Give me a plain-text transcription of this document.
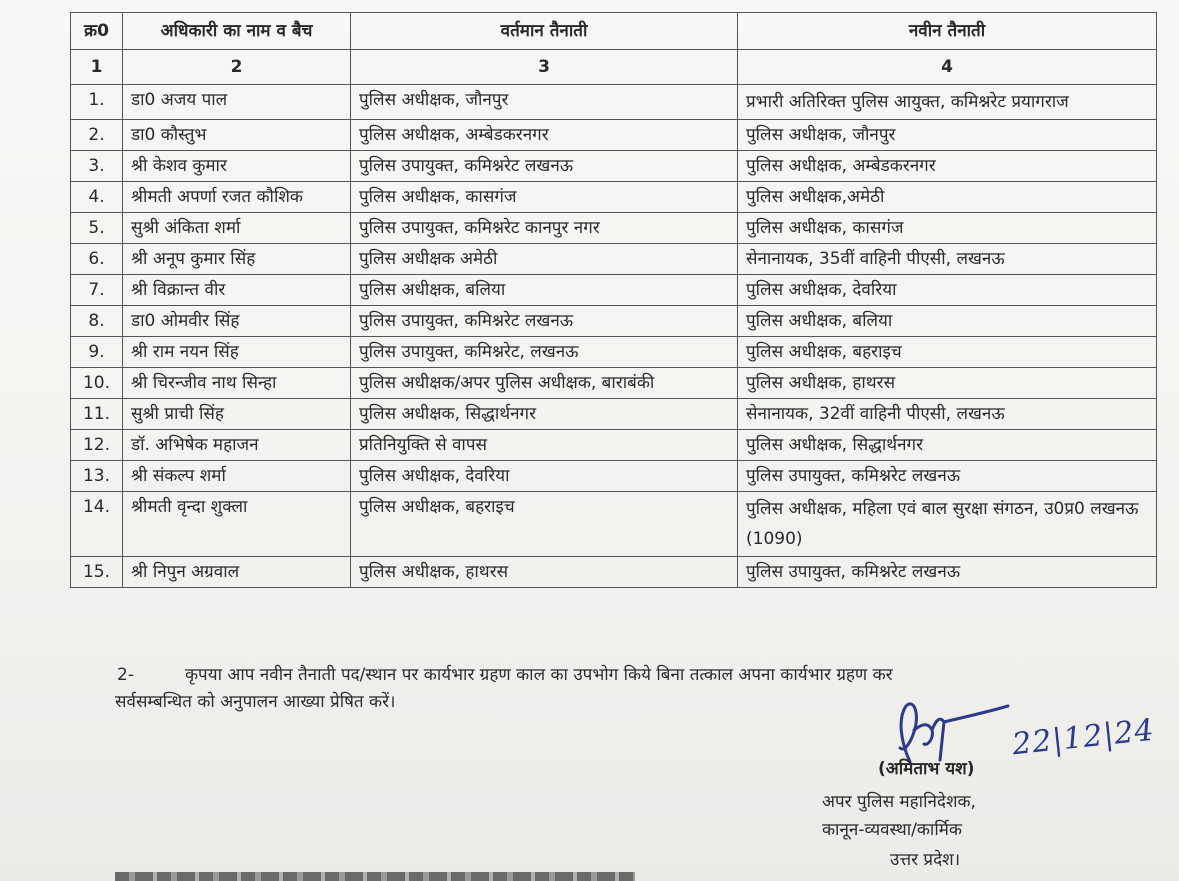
क्र0	अधिकारी का नाम व बैच	वर्तमान तैनाती	नवीन तैनाती
1	2	3	4
1.	डा0 अजय पाल	पुलिस अधीक्षक, जौनपुर	प्रभारी अतिरिक्त पुलिस आयुक्त, कमिश्नरेट प्रयागराज
2.	डा0 कौस्तुभ	पुलिस अधीक्षक, अम्बेडकरनगर	पुलिस अधीक्षक, जौनपुर
3.	श्री केशव कुमार	पुलिस उपायुक्त, कमिश्नरेट लखनऊ	पुलिस अधीक्षक, अम्बेडकरनगर
4.	श्रीमती अपर्णा रजत कौशिक	पुलिस अधीक्षक, कासगंज	पुलिस अधीक्षक,अमेठी
5.	सुश्री अंकिता शर्मा	पुलिस उपायुक्त, कमिश्नरेट कानपुर नगर	पुलिस अधीक्षक, कासगंज
6.	श्री अनूप कुमार सिंह	पुलिस अधीक्षक अमेठी	सेनानायक, 35वीं वाहिनी पीएसी, लखनऊ
7.	श्री विक्रान्त वीर	पुलिस अधीक्षक, बलिया	पुलिस अधीक्षक, देवरिया
8.	डा0 ओमवीर सिंह	पुलिस उपायुक्त, कमिश्नरेट लखनऊ	पुलिस अधीक्षक, बलिया
9.	श्री राम नयन सिंह	पुलिस उपायुक्त, कमिश्नरेट, लखनऊ	पुलिस अधीक्षक, बहराइच
10.	श्री चिरन्जीव नाथ सिन्हा	पुलिस अधीक्षक/अपर पुलिस अधीक्षक, बाराबंकी	पुलिस अधीक्षक, हाथरस
11.	सुश्री प्राची सिंह	पुलिस अधीक्षक, सिद्धार्थनगर	सेनानायक, 32वीं वाहिनी पीएसी, लखनऊ
12.	डॉ. अभिषेक महाजन	प्रतिनियुक्ति से वापस	पुलिस अधीक्षक, सिद्धार्थनगर
13.	श्री संकल्प शर्मा	पुलिस अधीक्षक, देवरिया	पुलिस उपायुक्त, कमिश्नरेट लखनऊ
14.	श्रीमती वृन्दा शुक्ला	पुलिस अधीक्षक, बहराइच	पुलिस अधीक्षक, महिला एवं बाल सुरक्षा संगठन, उ0प्र0 लखनऊ (1090)
15.	श्री निपुन अग्रवाल	पुलिस अधीक्षक, हाथरस	पुलिस उपायुक्त, कमिश्नरेट लखनऊ
2-	कृपया आप नवीन तैनाती पद/स्थान पर कार्यभार ग्रहण काल का उपभोग किये बिना तत्काल अपना कार्यभार ग्रहण कर
सर्वसम्बन्धित को अनुपालन आख्या प्रेषित करें।
22|12|24
(अमिताभ यश)
अपर पुलिस महानिदेशक,
कानून-व्यवस्था/कार्मिक
उत्तर प्रदेश।
